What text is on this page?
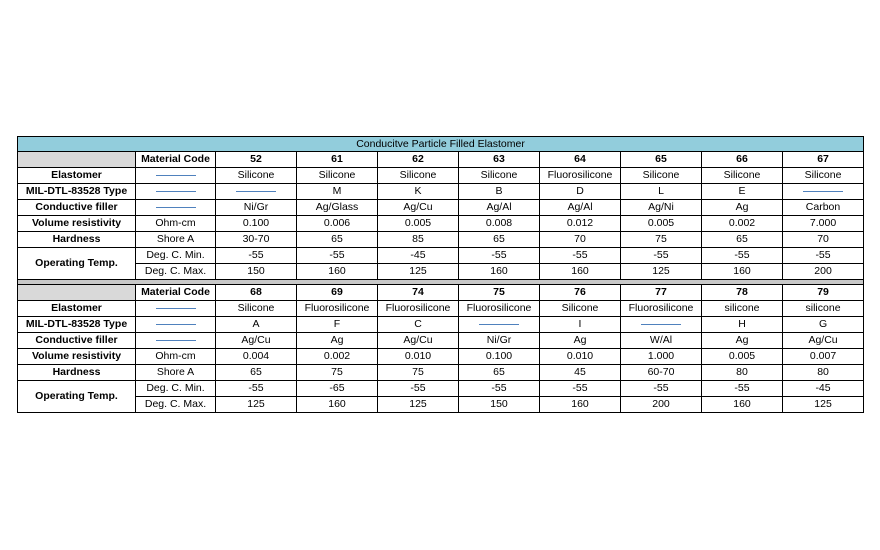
Conducitve Particle Filled Elastomer									
	Material Code	52	61	62	63	64	65	66	67
Elastomer		Silicone	Silicone	Silicone	Silicone	Fluorosilicone	Silicone	Silicone	Silicone
MIL-DTL-83528 Type			M	K	B	D	L	E	
Conductive filler		Ni/Gr	Ag/Glass	Ag/Cu	Ag/Al	Ag/Al	Ag/Ni	Ag	Carbon
Volume resistivity	Ohm-cm	0.100	0.006	0.005	0.008	0.012	0.005	0.002	7.000
Hardness	Shore A	30-70	65	85	65	70	75	65	70
Operating Temp.	Deg. C. Min.	-55	-55	-45	-55	-55	-55	-55	-55
	Deg. C. Max.	150	160	125	160	160	125	160	200

	Material Code	68	69	74	75	76	77	78	79
Elastomer		Silicone	Fluorosilicone	Fluorosilicone	Fluorosilicone	Silicone	Fluorosilicone	silicone	silicone
MIL-DTL-83528 Type		A	F	C		I		H	G
Conductive filler		Ag/Cu	Ag	Ag/Cu	Ni/Gr	Ag	W/Al	Ag	Ag/Cu
Volume resistivity	Ohm-cm	0.004	0.002	0.010	0.100	0.010	1.000	0.005	0.007
Hardness	Shore A	65	75	75	65	45	60-70	80	80
Operating Temp.	Deg. C. Min.	-55	-65	-55	-55	-55	-55	-55	-45
	Deg. C. Max.	125	160	125	150	160	200	160	125
